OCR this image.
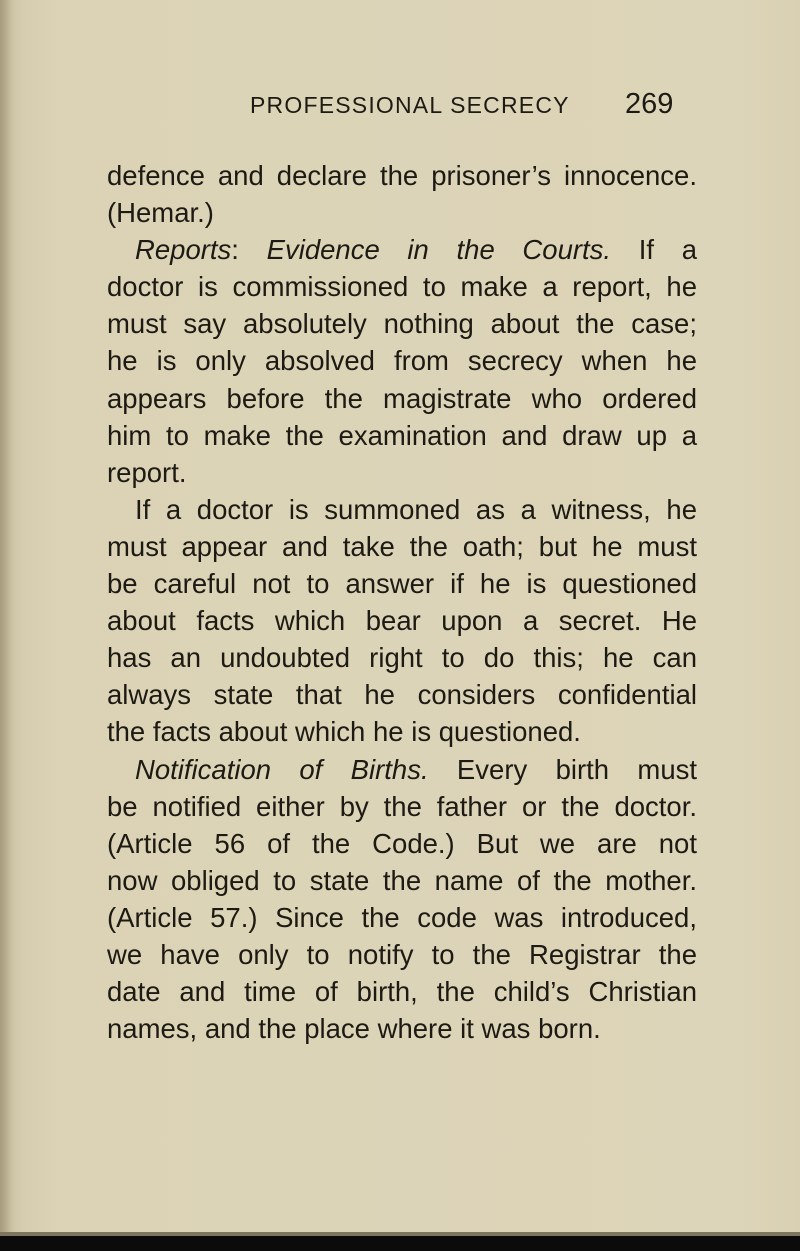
PROFESSIONAL SECRECY 269
defence and declare the prisoner’s innocence.
(Hemar.)
Reports: Evidence in the Courts. If a
doctor is commissioned to make a report, he
must say absolutely nothing about the case;
he is only absolved from secrecy when he
appears before the magistrate who ordered
him to make the examination and draw up a
report.
If a doctor is summoned as a witness, he
must appear and take the oath; but he must
be careful not to answer if he is questioned
about facts which bear upon a secret. He
has an undoubted right to do this; he can
always state that he considers confidential
the facts about which he is questioned.
Notification of Births. Every birth must
be notified either by the father or the doctor.
(Article 56 of the Code.) But we are not
now obliged to state the name of the mother.
(Article 57.) Since the code was introduced,
we have only to notify to the Registrar the
date and time of birth, the child’s Christian
names, and the place where it was born.
